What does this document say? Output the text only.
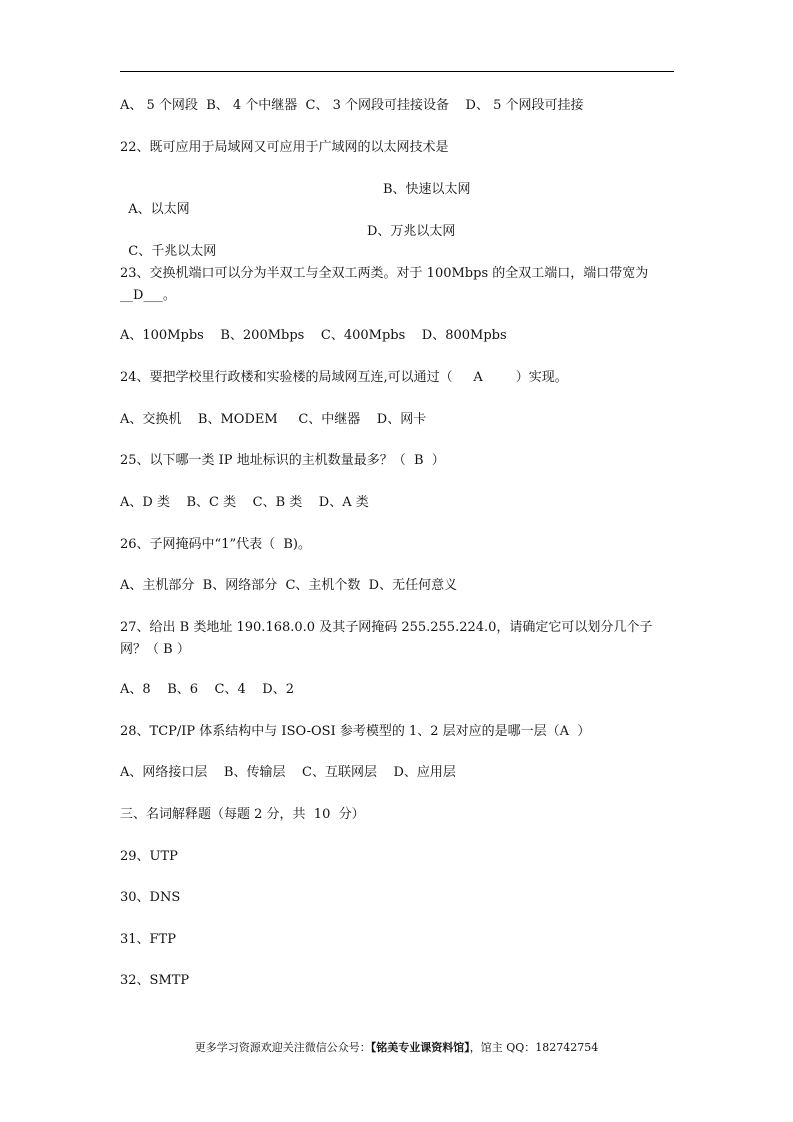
A、 5 个网段  B、 4 个中继器  C、 3 个网段可挂接设备    D、 5 个网段可挂接
22、既可应用于局域网又可应用于广域网的以太网技术是

A、以太网

B、快速以太网

C、千兆以太网

D、万兆以太网

23、交换机端口可以分为半双工与全双工两类。对于 100Mbps 的全双工端口，端口带宽为__D___。
A、100Mpbs    B、200Mbps    C、400Mpbs    D、800Mpbs
24、要把学校里行政楼和实验楼的局域网互连,可以通过（     A        ）实现。
A、交换机    B、MODEM     C、中继器    D、网卡
25、以下哪一类 IP 地址标识的主机数量最多？（  B  ）
A、D 类    B、C 类    C、B 类    D、A 类
26、子网掩码中“1”代表（  B)。
A、主机部分  B、网络部分  C、主机个数  D、无任何意义
27、给出 B 类地址 190.168.0.0 及其子网掩码 255.255.224.0，请确定它可以划分几个子网？（ B ）
A、8    B、6    C、4    D、2
28、TCP/IP 体系结构中与 ISO-OSI 参考模型的 1、2 层对应的是哪一层（A  ）
A、网络接口层    B、传输层    C、互联网层    D、应用层
三、名词解释题（每题 2 分，共  10  分）
29、UTP
30、DNS
31、FTP
32、SMTP
更多学习资源欢迎关注微信公众号：【铭美专业课资料馆】，馆主 QQ：182742754
